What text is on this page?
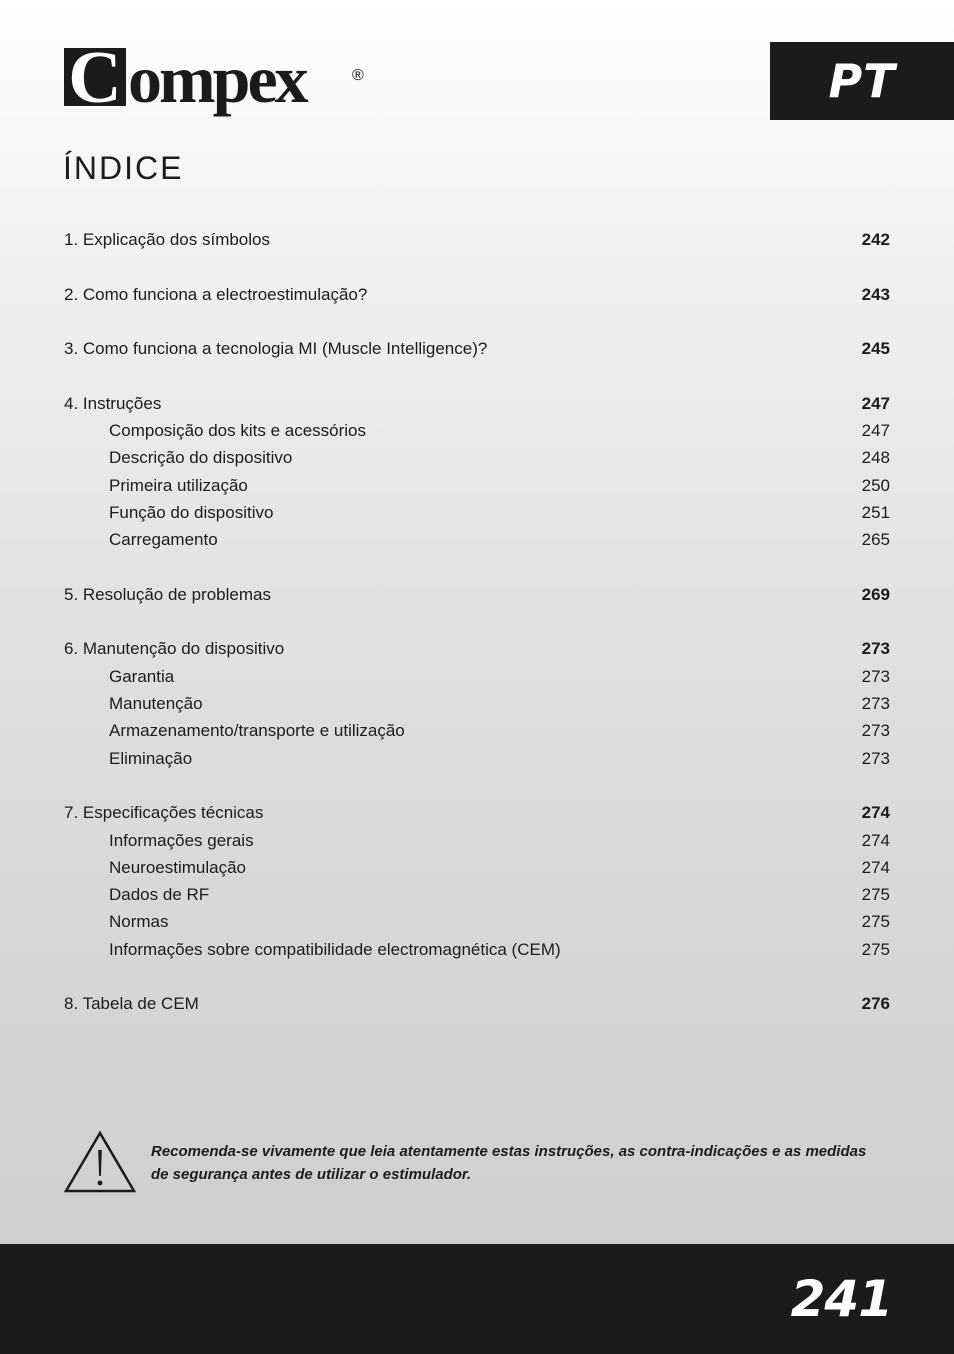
C ompex	®	PT
ÍNDICE
1. Explicação dos símbolos	242
2. Como funciona a electroestimulação?	243
3. Como funciona a tecnologia MI (Muscle Intelligence)?	245
4. Instruções	247
Composição dos kits e acessórios	247
Descrição do dispositivo	248
Primeira utilização	250
Função do dispositivo	251
Carregamento	265
5. Resolução de problemas	269
6. Manutenção do dispositivo	273
Garantia	273
Manutenção	273
Armazenamento/transporte e utilização	273
Eliminação	273
7. Especificações técnicas	274
Informações gerais	274
Neuroestimulação	274
Dados de RF	275
Normas	275
Informações sobre compatibilidade electromagnética (CEM)	275
8. Tabela de CEM	276

Recomenda-se vivamente que leia atentamente estas instruções, as contra-indicações e as medidas de segurança antes de utilizar o estimulador.

241
